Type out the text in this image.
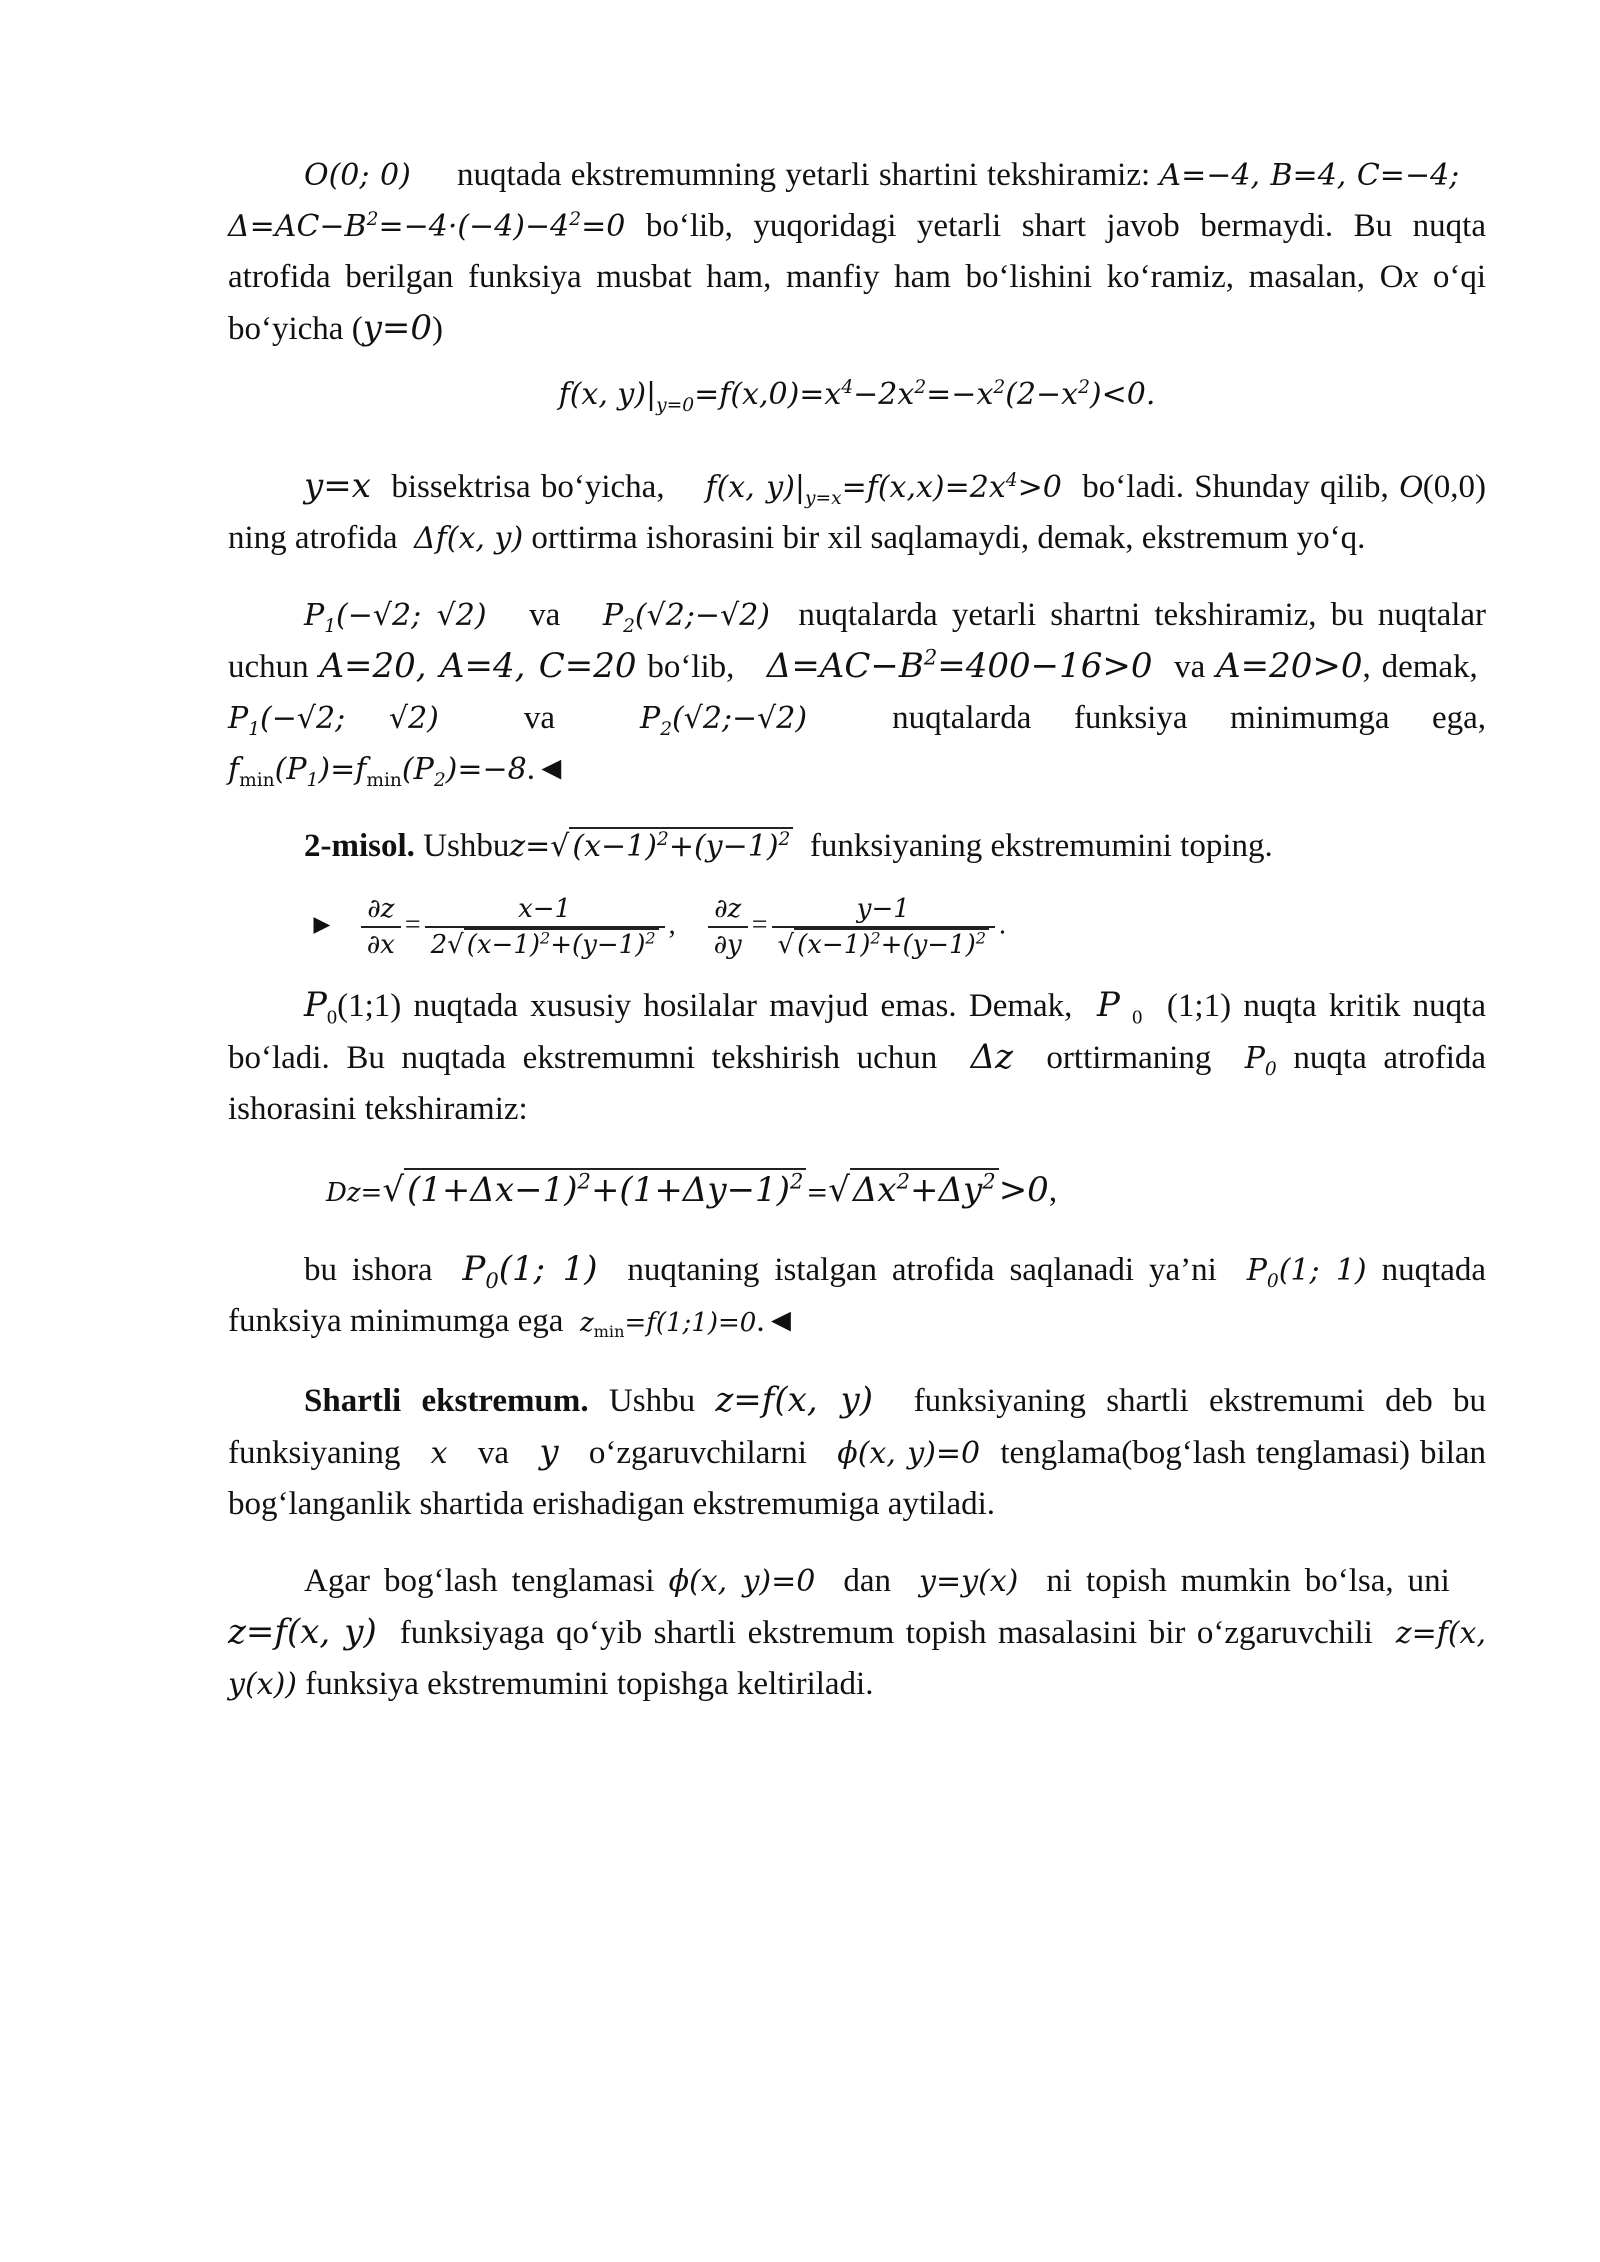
O(0; 0) nuqtada ekstremumning yetarli shartini tekshiramiz: A=−4, B=4, C=−4;    $\Delta=AC-B^2=-4\cdot(-4)-4^2=0$ bo‘lib, yuqoridagi yetarli shart javob bermaydi. Bu nuqta atrofida berilgan funksiya musbat ham, manfiy ham bo‘lishini ko‘ramiz, masalan, Ox o‘qi bo‘yicha (y=0)

f(x, $y)|_{y=0}=f(x,0)=x^4-2x^2=-x^2(2-x^2)<0$.

y=x bissektrisa bo‘yicha, f(x, $y)|_{y=x}=f(x,x)=2x^4>0$ bo‘ladi. Shunday qilib, O(0,0) ning atrofida Δf(x, y) orttirma ishorasini bir xil saqlamaydi, demak, ekstremum yo‘q.

$P_1(-√2$; √2) va $P_2(√2;-√2)$ nuqtalarda yetarli shartni tekshiramiz, bu nuqtalar uchun A=20, A=4, C=20 bo‘lib, $\Delta=AC-B^2=400-16>0$ va A=20>0, demak,  $P_1(-√2$; √2)	va	$P_2(√2;-√2)$	nuqtalarda funksiya minimumga ega, $f_{min}(P_1)=f_{min}(P_2)=-8.◄$

2-misol. Ushbuz=√ $(x-1)^2+(y-1)^2$ funksiyaning ekstremumini toping.

► $\frac{\partial z}{\partial x} = \frac{x-1}{2√ (x-1)^2+(y-1)^2}$ , $\frac{\partial z}{\partial y} = \frac{y-1}{√ (x-1)^2+(y-1)^2}$ .

$P_0(1;1)$ nuqtada xususiy hosilalar mavjud emas. Demak, P $_0$ (1;1) nuqta kritik nuqta bo‘ladi. Bu nuqtada ekstremumni tekshirish uchun Δz orttirmaning $P_0$ nuqta atrofida ishorasini tekshiramiz:

$Dz=√(1+\Delta x-1)^2+(1+\Delta y-1)^2 =√\Delta x^2+\Delta y^2>0$,

bu ishora $P_0(1$; 1) nuqtaning istalgan atrofida saqlanadi ya’ni $P_0(1$; 1) nuqtada funksiya minimumga ega $z_{min}=f(1;1)=0.◄$

Shartli ekstremum. Ushbu z=f(x, y) funksiyaning shartli ekstremumi deb bu funksiyaning x va y o‘zgaruvchilarni ϕ(x, y)=0 tenglama(bog‘lash tenglamasi) bilan bog‘langanlik shartida erishadigan ekstremumiga aytiladi.

Agar bog‘lash tenglamasi ϕ(x, y)=0 dan y=y(x) ni topish mumkin bo‘lsa, uni    z=f(x, y) funksiyaga qo‘yib shartli ekstremum topish masalasini bir o‘zgaruvchili z=f(x, y(x)) funksiya ekstremumini topishga keltiriladi.
